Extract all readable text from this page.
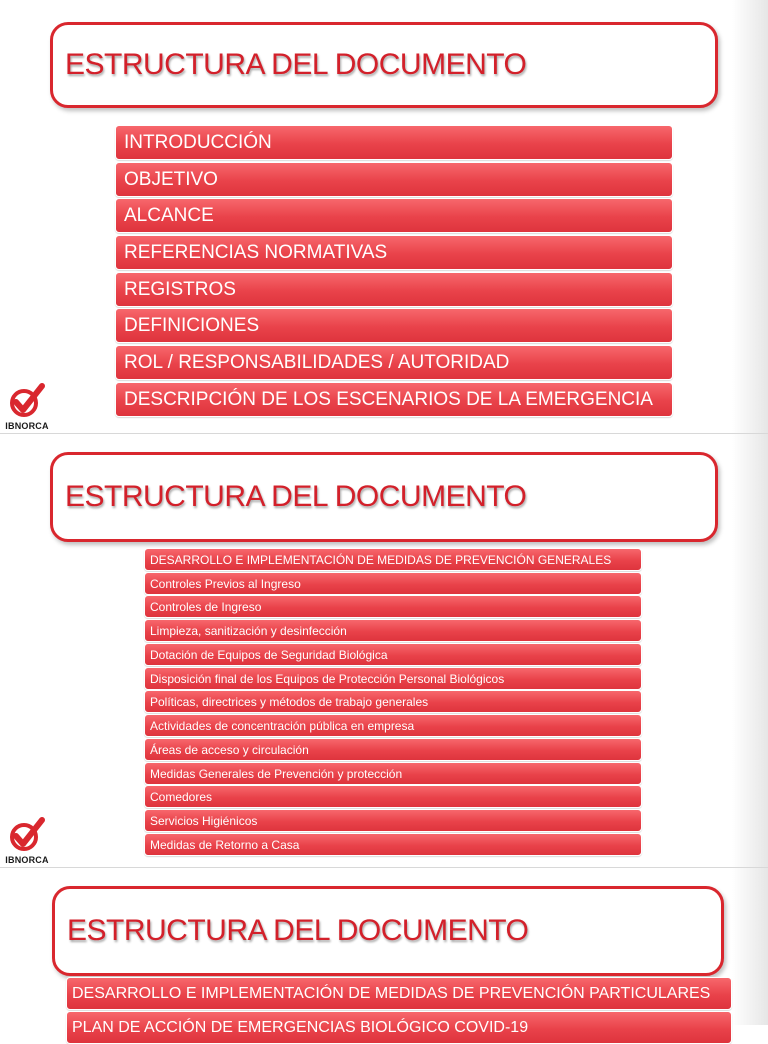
ESTRUCTURA DEL DOCUMENTO
INTRODUCCIÓN
OBJETIVO
ALCANCE
REFERENCIAS NORMATIVAS
REGISTROS
DEFINICIONES
ROL / RESPONSABILIDADES / AUTORIDAD
DESCRIPCIÓN DE LOS ESCENARIOS DE LA EMERGENCIA
IBNORCA
ESTRUCTURA DEL DOCUMENTO
DESARROLLO E IMPLEMENTACIÓN DE MEDIDAS DE PREVENCIÓN GENERALES
Controles Previos al Ingreso
Controles de Ingreso
Limpieza, sanitización y desinfección
Dotación de Equipos de Seguridad Biológica
Disposición final de los Equipos de Protección Personal Biológicos
Políticas, directrices y métodos de trabajo generales
Actividades de concentración pública en empresa
Áreas de acceso y circulación
Medidas Generales de Prevención y protección
Comedores
Servicios Higiénicos
Medidas de Retorno a Casa
IBNORCA
ESTRUCTURA DEL DOCUMENTO
DESARROLLO E IMPLEMENTACIÓN DE MEDIDAS DE PREVENCIÓN PARTICULARES
PLAN DE ACCIÓN DE EMERGENCIAS BIOLÓGICO COVID-19
